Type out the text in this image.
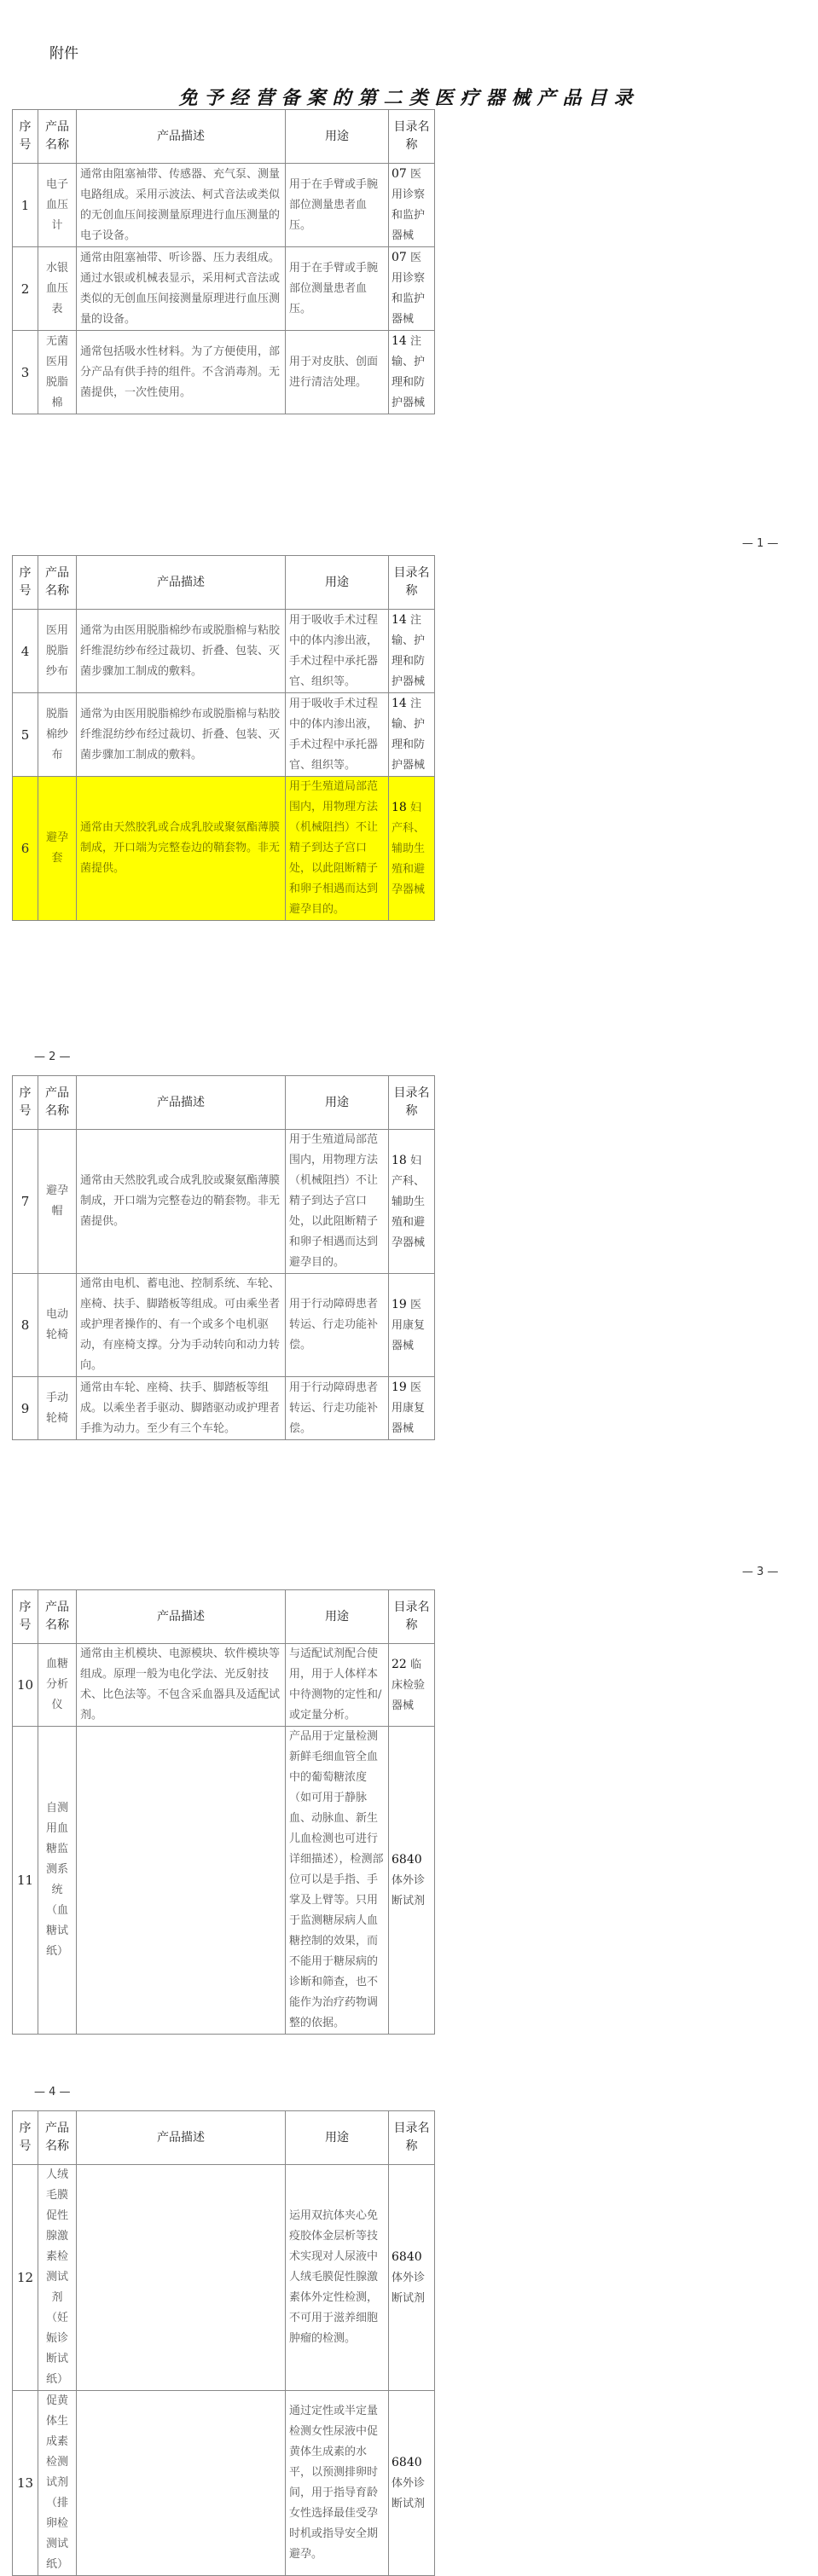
附件
免予经营备案的第二类医疗器械产品目录
序号	产品名称	产品描述	用途	目录名称
1	电子血压计	通常由阻塞袖带、传感器、充气泵、测量电路组成。采用示波法、柯式音法或类似的无创血压间接测量原理进行血压测量的电子设备。	用于在手臂或手腕部位测量患者血压。	07 医用诊察和监护器械
2	水银血压表	通常由阻塞袖带、听诊器、压力表组成。通过水银或机械表显示，采用柯式音法或类似的无创血压间接测量原理进行血压测量的设备。	用于在手臂或手腕部位测量患者血压。	07 医用诊察和监护器械
3	无菌医用脱脂棉	通常包括吸水性材料。为了方便使用，部分产品有供手持的组件。不含消毒剂。无菌提供，一次性使用。	用于对皮肤、创面进行清洁处理。	14 注输、护理和防护器械
— 1 —
序号	产品名称	产品描述	用途	目录名称
4	医用脱脂纱布	通常为由医用脱脂棉纱布或脱脂棉与粘胶纤维混纺纱布经过裁切、折叠、包装、灭菌步骤加工制成的敷料。	用于吸收手术过程中的体内渗出液，手术过程中承托器官、组织等。	14 注输、护理和防护器械
5	脱脂棉纱布	通常为由医用脱脂棉纱布或脱脂棉与粘胶纤维混纺纱布经过裁切、折叠、包装、灭菌步骤加工制成的敷料。	用于吸收手术过程中的体内渗出液，手术过程中承托器官、组织等。	14 注输、护理和防护器械
6	避孕套	通常由天然胶乳或合成乳胶或聚氨酯薄膜制成，开口端为完整卷边的鞘套物。非无菌提供。	用于生殖道局部范围内，用物理方法（机械阻挡）不让精子到达子宫口处，以此阻断精子和卵子相遇而达到避孕目的。	18 妇产科、辅助生殖和避孕器械
— 2 —
序号	产品名称	产品描述	用途	目录名称
7	避孕帽	通常由天然胶乳或合成乳胶或聚氨酯薄膜制成，开口端为完整卷边的鞘套物。非无菌提供。	用于生殖道局部范围内，用物理方法（机械阻挡）不让精子到达子宫口处，以此阻断精子和卵子相遇而达到避孕目的。	18 妇产科、辅助生殖和避孕器械
8	电动轮椅	通常由电机、蓄电池、控制系统、车轮、座椅、扶手、脚踏板等组成。可由乘坐者或护理者操作的、有一个或多个电机驱动，有座椅支撑。分为手动转向和动力转向。	用于行动障碍患者转运、行走功能补偿。	19 医用康复器械
9	手动轮椅	通常由车轮、座椅、扶手、脚踏板等组成。以乘坐者手驱动、脚踏驱动或护理者手推为动力。至少有三个车轮。	用于行动障碍患者转运、行走功能补偿。	19 医用康复器械
— 3 —
序号	产品名称	产品描述	用途	目录名称
10	血糖分析仪	通常由主机模块、电源模块、软件模块等组成。原理一般为电化学法、光反射技术、比色法等。不包含采血器具及适配试剂。	与适配试剂配合使用，用于人体样本中待测物的定性和/或定量分析。	22 临床检验器械
11	自测用血糖监测系统（血糖试纸）		产品用于定量检测新鲜毛细血管全血中的葡萄糖浓度（如可用于静脉血、动脉血、新生儿血检测也可进行详细描述），检测部位可以是手指、手掌及上臂等。只用于监测糖尿病人血糖控制的效果，而不能用于糖尿病的诊断和筛查，也不能作为治疗药物调整的依据。	6840 体外诊断试剂
— 4 —
序号	产品名称	产品描述	用途	目录名称
12	人绒毛膜促性腺激素检测试剂（妊娠诊断试纸）		运用双抗体夹心免疫胶体金层析等技术实现对人尿液中人绒毛膜促性腺激素体外定性检测，不可用于滋养细胞肿瘤的检测。	6840 体外诊断试剂
13	促黄体生成素检测试剂（排卵检测试纸）		通过定性或半定量检测女性尿液中促黄体生成素的水平，以预测排卵时间，用于指导育龄女性选择最佳受孕时机或指导安全期避孕。	6840 体外诊断试剂
